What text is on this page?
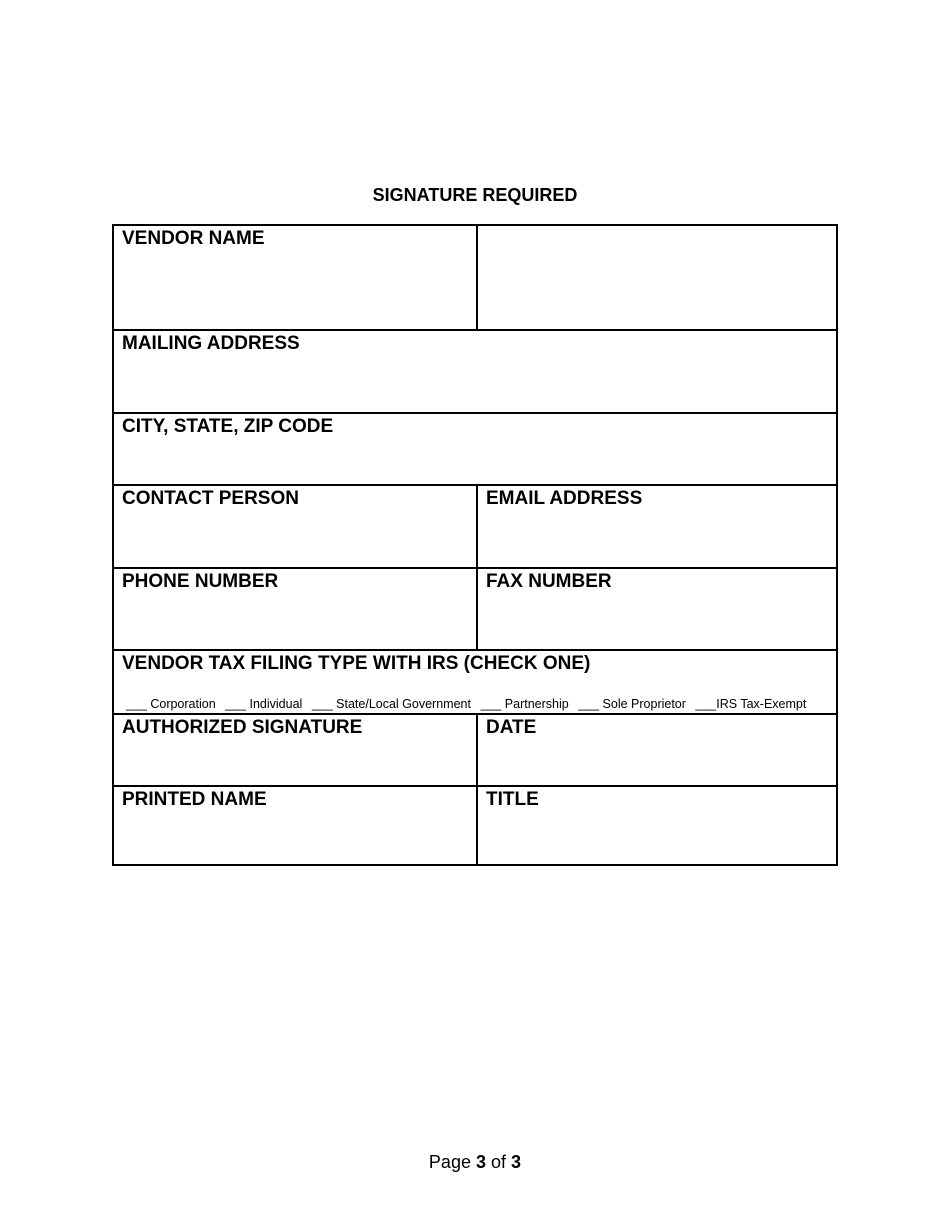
SIGNATURE REQUIRED
VENDOR NAME
MAILING ADDRESS
CITY, STATE, ZIP CODE
CONTACT PERSON	EMAIL ADDRESS
PHONE NUMBER	FAX NUMBER
VENDOR TAX FILING TYPE WITH IRS (CHECK ONE)
___ Corporation ___ Individual ___ State/Local Government ___ Partnership ___ Sole Proprietor ___IRS Tax-Exempt
AUTHORIZED SIGNATURE	DATE
PRINTED NAME	TITLE
Page 3 of 3
